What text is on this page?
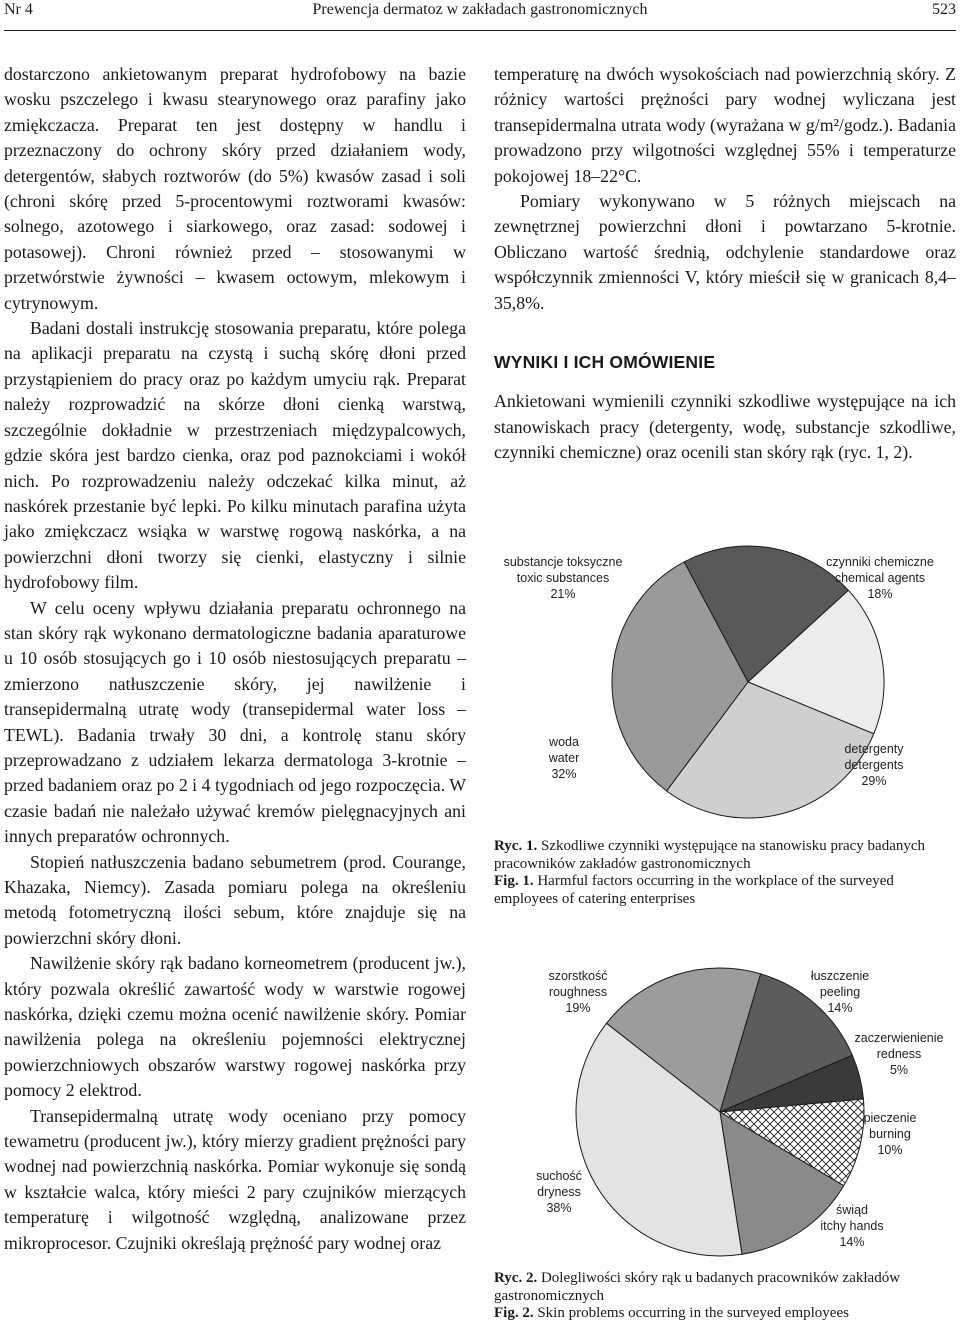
Nr 4	Prewencja dermatoz w zakładach gastronomicznych	523

dostarczono ankietowanym preparat hydrofobowy na bazie wosku pszczelego i kwasu stearynowego oraz parafiny jako zmiękczacza. Preparat ten jest dostępny w handlu i przeznaczony do ochrony skóry przed działaniem wody, detergentów, słabych roztworów (do 5%) kwasów zasad i soli (chroni skórę przed 5-procentowymi roztworami kwasów: solnego, azotowego i siarkowego, oraz zasad: sodowej i potasowej). Chroni również przed – stosowanymi w przetwórstwie żywności – kwasem octowym, mlekowym i cytrynowym.

Badani dostali instrukcję stosowania preparatu, które polega na aplikacji preparatu na czystą i suchą skórę dłoni przed przystąpieniem do pracy oraz po każdym umyciu rąk. Preparat należy rozprowadzić na skórze dłoni cienką warstwą, szczególnie dokładnie w przestrzeniach międzypalcowych, gdzie skóra jest bardzo cienka, oraz pod paznokciami i wokół nich. Po rozprowadzeniu należy odczekać kilka minut, aż naskórek przestanie być lepki. Po kilku minutach parafina użyta jako zmiękczacz wsiąka w warstwę rogową naskórka, a na powierzchni dłoni tworzy się cienki, elastyczny i silnie hydrofobowy film.

W celu oceny wpływu działania preparatu ochronnego na stan skóry rąk wykonano dermatologiczne badania aparaturowe u 10 osób stosujących go i 10 osób niestosujących preparatu – zmierzono natłuszczenie skóry, jej nawilżenie i transepidermalną utratę wody (transepidermal water loss – TEWL). Badania trwały 30 dni, a kontrolę stanu skóry przeprowadzano z udziałem lekarza dermatologa 3-krotnie – przed badaniem oraz po 2 i 4 tygodniach od jego rozpoczęcia. W czasie badań nie należało używać kremów pielęgnacyjnych ani innych preparatów ochronnych.

Stopień natłuszczenia badano sebumetrem (prod. Courange, Khazaka, Niemcy). Zasada pomiaru polega na określeniu metodą fotometryczną ilości sebum, które znajduje się na powierzchni skóry dłoni.

Nawilżenie skóry rąk badano korneometrem (producent jw.), który pozwala określić zawartość wody w warstwie rogowej naskórka, dzięki czemu można ocenić nawilżenie skóry. Pomiar nawilżenia polega na określeniu pojemności elektrycznej powierzchniowych obszarów warstwy rogowej naskórka przy pomocy 2 elektrod.

Transepidermalną utratę wody oceniano przy pomocy tewametru (producent jw.), który mierzy gradient prężności pary wodnej nad powierzchnią naskórka. Pomiar wykonuje się sondą w kształcie walca, który mieści 2 pary czujników mierzących temperaturę i wilgotność względną, analizowane przez mikroprocesor. Czujniki określają prężność pary wodnej oraz

temperaturę na dwóch wysokościach nad powierzchnią skóry. Z różnicy wartości prężności pary wodnej wyliczana jest transepidermalna utrata wody (wyrażana w g/m²/godz.). Badania prowadzono przy wilgotności względnej 55% i temperaturze pokojowej 18–22°C.

Pomiary wykonywano w 5 różnych miejscach na zewnętrznej powierzchni dłoni i powtarzano 5-krotnie. Obliczano wartość średnią, odchylenie standardowe oraz współczynnik zmienności V, który mieścił się w granicach 8,4–35,8%.

WYNIKI I ICH OMÓWIENIE

Ankietowani wymienili czynniki szkodliwe występujące na ich stanowiskach pracy (detergenty, wodę, substancje szkodliwe, czynniki chemiczne) oraz ocenili stan skóry rąk (ryc. 1, 2).

substancje toksyczne
toxic substances
21%
czynniki chemiczne
chemical agents
18%
detergenty
detergents
29%
woda
water
32%
Ryc. 1. Szkodliwe czynniki występujące na stanowisku pracy badanych pracowników zakładów gastronomicznych
Fig. 1. Harmful factors occurring in the workplace of the surveyed employees of catering enterprises
szorstkość
roughness
19%
łuszczenie
peeling
14%
zaczerwienienie
redness
5%
pieczenie
burning
10%
świąd
itchy hands
14%
suchość
dryness
38%
Ryc. 2. Dolegliwości skóry rąk u badanych pracowników zakładów gastronomicznych
Fig. 2. Skin problems occurring in the surveyed employees
